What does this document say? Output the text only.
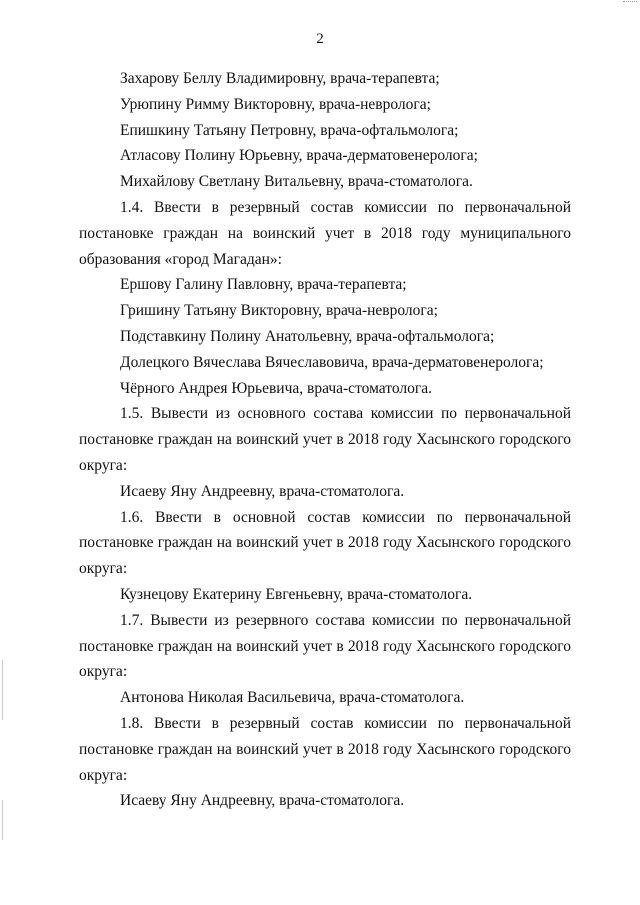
2
Захарову Беллу Владимировну, врача-терапевта;
Урюпину Римму Викторовну, врача-невролога;
Епишкину Татьяну Петровну, врача-офтальмолога;
Атласову Полину Юрьевну, врача-дерматовенеролога;
Михайлову Светлану Витальевну, врача-стоматолога.
1.4. Ввести в резервный состав комиссии по первоначальной
постановке граждан на воинский учет в 2018 году муниципального
образования «город Магадан»:
Ершову Галину Павловну, врача-терапевта;
Гришину Татьяну Викторовну, врача-невролога;
Подставкину Полину Анатольевну, врача-офтальмолога;
Долецкого Вячеслава Вячеславовича, врача-дерматовенеролога;
Чёрного Андрея Юрьевича, врача-стоматолога.
1.5. Вывести из основного состава комиссии по первоначальной
постановке граждан на воинский учет в 2018 году Хасынского городского
округа:
Исаеву Яну Андреевну, врача-стоматолога.
1.6. Ввести в основной состав комиссии по первоначальной
постановке граждан на воинский учет в 2018 году Хасынского городского
округа:
Кузнецову Екатерину Евгеньевну, врача-стоматолога.
1.7. Вывести из резервного состава комиссии по первоначальной
постановке граждан на воинский учет в 2018 году Хасынского городского
округа:
Антонова Николая Васильевича, врача-стоматолога.
1.8. Ввести в резервный состав комиссии по первоначальной
постановке граждан на воинский учет в 2018 году Хасынского городского
округа:
Исаеву Яну Андреевну, врача-стоматолога.
